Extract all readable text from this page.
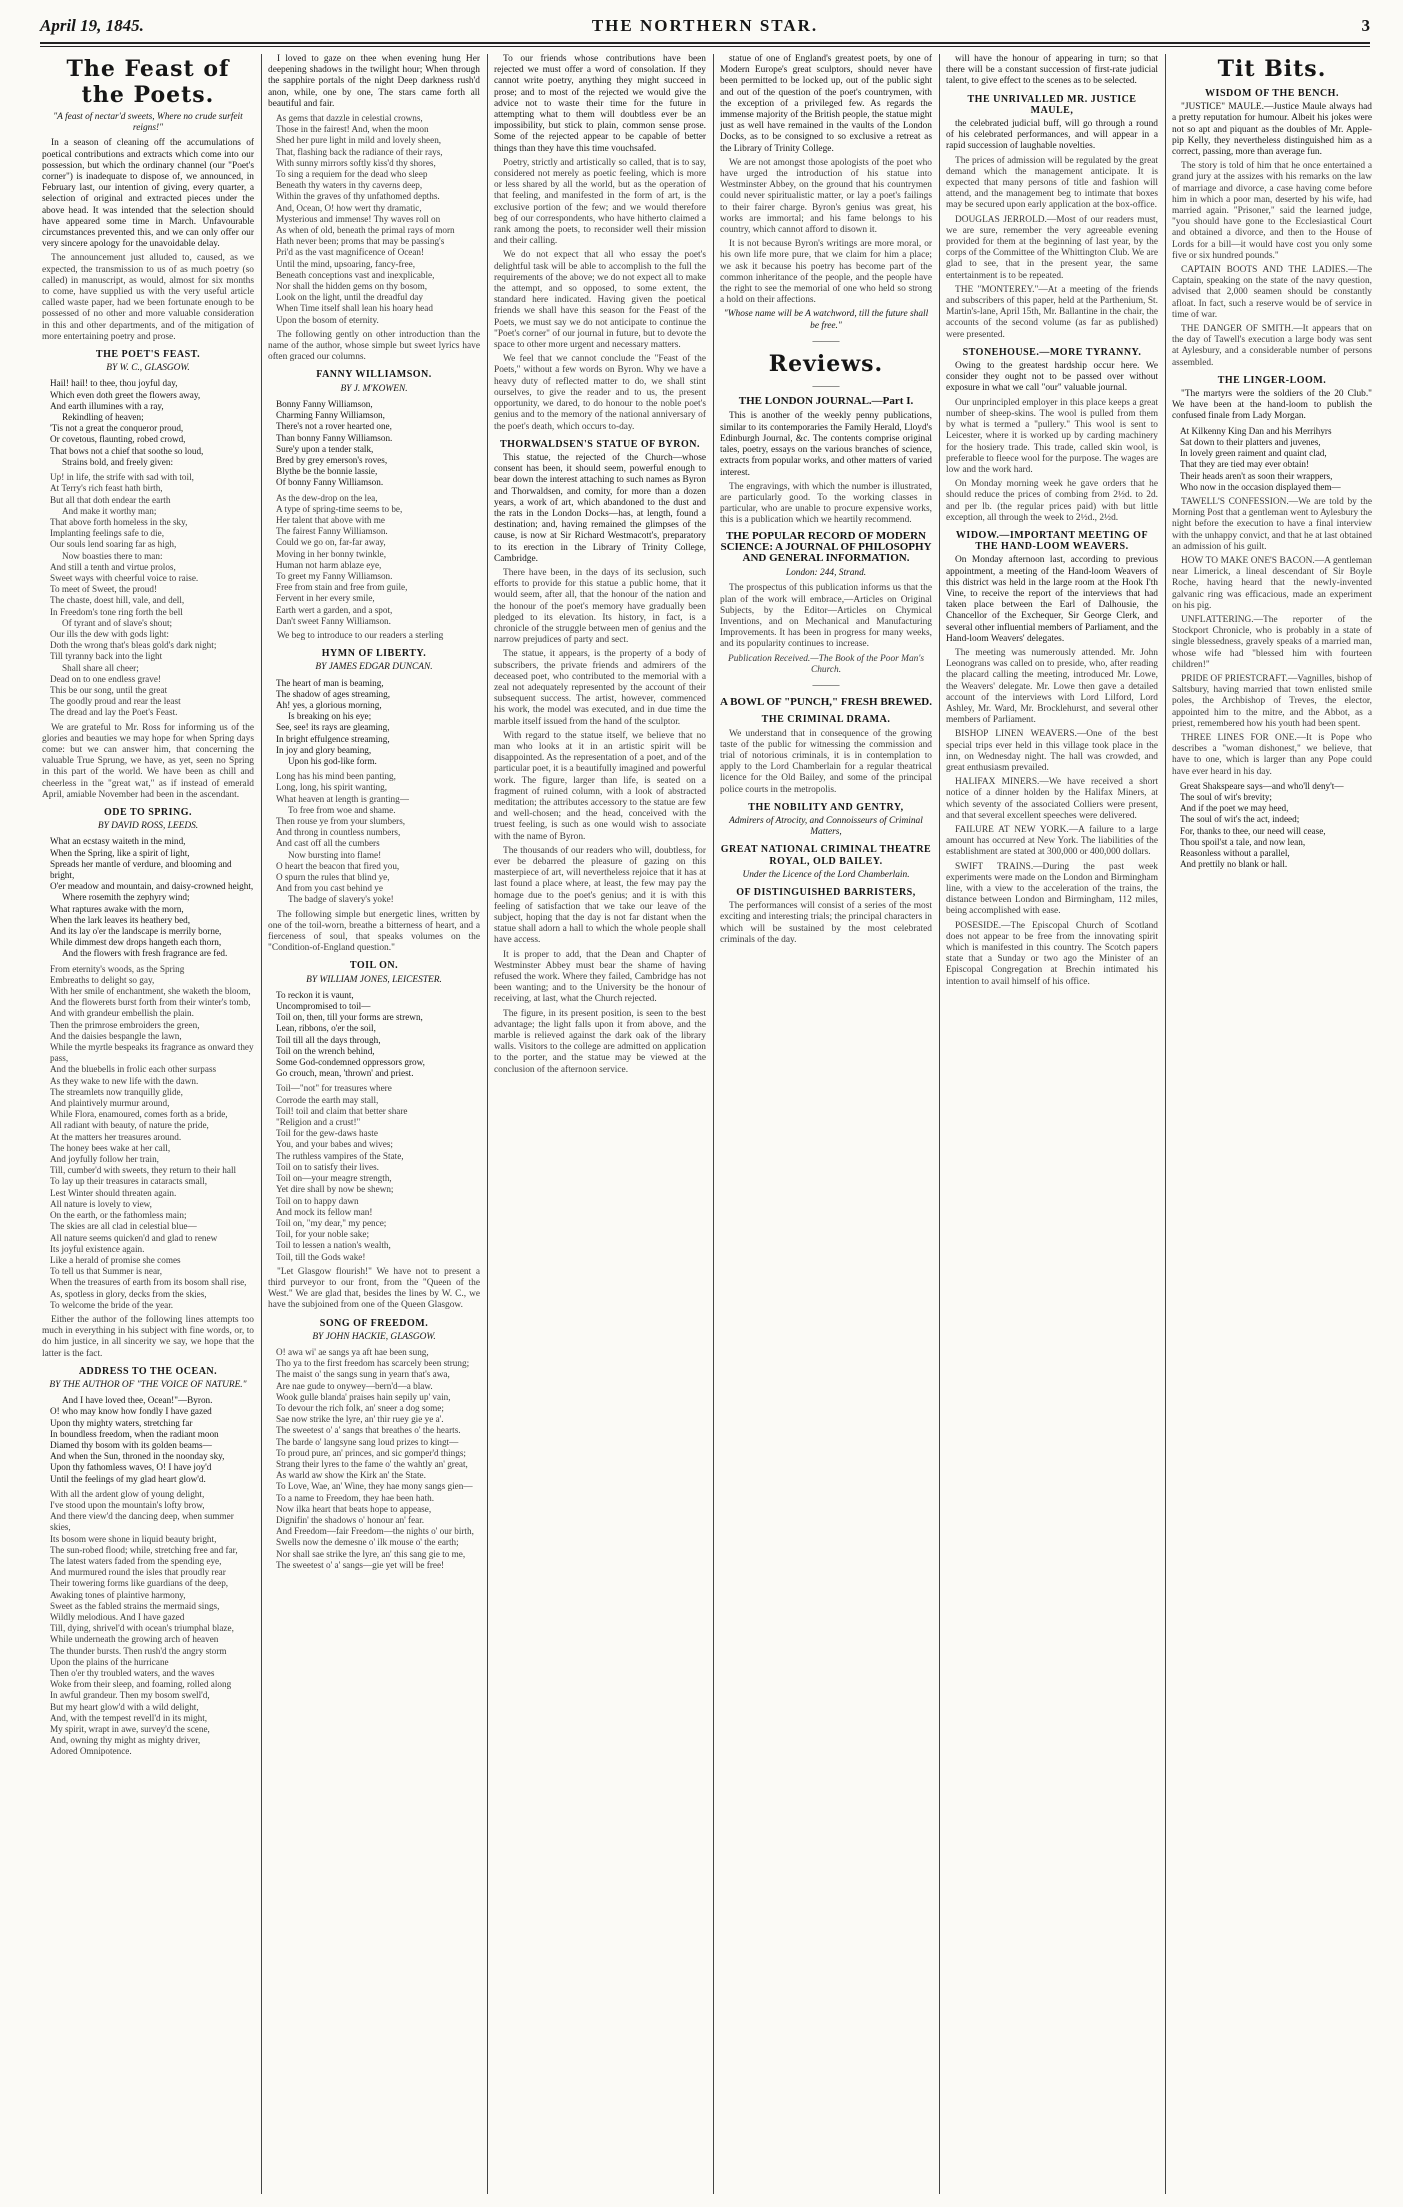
April 19, 1845.	THE NORTHERN STAR.	3
The Feast of the Poets.
"A feast of nectar'd sweets, Where no crude surfeit reigns!"

In a season of cleaning off the accumulations of poetical contributions and extracts which come into our possession, but which the ordinary channel (our "Poet's corner") is inadequate to dispose of, we announced, in February last, our intention of giving, every quarter, a selection of original and extracted pieces under the above head. It was intended that the selection should have appeared some time in March. Unfavourable circumstances prevented this, and we can only offer our very sincere apology for the unavoidable delay.

The announcement just alluded to, caused, as we expected, the transmission to us of as much poetry (so called) in manuscript, as would, almost for six months to come, have supplied us with the very useful article called waste paper, had we been fortunate enough to be possessed of no other and more valuable consideration in this and other departments, and of the mitigation of more entertaining poetry and prose.

THE POET'S FEAST.
BY W. C., GLASGOW.
Hail! hail! to thee, thou joyful day,
Which even doth greet the flowers away,
And earth illumines with a ray,
Rekindling of heaven;
'Tis not a great the conqueror proud,
Or covetous, flaunting, robed crowd,
That bows not a chief that soothe so loud,
Strains bold, and freely given:
Up! in life, the strife with sad with toil,
At Terry's rich feast hath birth,
But all that doth endear the earth
And make it worthy man;
That above forth homeless in the sky,
Implanting feelings safe to die,
Our souls lend soaring far as high,
Now boasties there to man:
And still a tenth and virtue prolos,
Sweet ways with cheerful voice to raise.
To meet of Sweet, the proud!
The chaste, doest hill, vale, and dell,
In Freedom's tone ring forth the bell
Of tyrant and of slave's shout;
Our ills the dew with gods light:
Doth the wrong that's bleas gold's dark night;
Till tyranny back into the light
Shall share all cheer;
Dead on to one endless grave!
This be our song, until the great
The goodly proud and rear the least
The dread and lay the Poet's Feast.

We are grateful to Mr. Ross for informing us of the glories and beauties we may hope for when Spring days come: but we can answer him, that concerning the valuable True Sprung, we have, as yet, seen no Spring in this part of the world. We have been as chill and cheerless in the "great wat," as if instead of emerald April, amiable November had been in the ascendant.

ODE TO SPRING.
BY DAVID ROSS, LEEDS.
What an ecstasy waiteth in the mind,
When the Spring, like a spirit of light,
Spreads her mantle of verdure, and blooming and bright,
O'er meadow and mountain, and daisy-crowned height,
Where rosemith the zephyry wind;
What raptures awake with the morn,
When the lark leaves its heathery bed,
And its lay o'er the landscape is merrily borne,
While dimmest dew drops hangeth each thorn,
And the flowers with fresh fragrance are fed.
From eternity's woods, as the Spring
Embreaths to delight so gay,
With her smile of enchantment, she waketh the bloom,
And the flowerets burst forth from their winter's tomb,
And with grandeur embellish the plain.
Then the primrose embroiders the green,
And the daisies bespangle the lawn,
While the myrtle bespeaks its fragrance as onward they pass,
And the bluebells in frolic each other surpass
As they wake to new life with the dawn.
The streamlets now tranquilly glide,
And plaintively murmur around,
While Flora, enamoured, comes forth as a bride,
All radiant with beauty, of nature the pride,
At the matters her treasures around.
The honey bees wake at her call,
And joyfully follow her train,
Till, cumber'd with sweets, they return to their hall
To lay up their treasures in cataracts small,
Lest Winter should threaten again.
All nature is lovely to view,
On the earth, or the fathomless main;
The skies are all clad in celestial blue—
All nature seems quicken'd and glad to renew
Its joyful existence again.
Like a herald of promise she comes
To tell us that Summer is near,
When the treasures of earth from its bosom shall rise,
As, spotless in glory, decks from the skies,
To welcome the bride of the year.

Either the author of the following lines attempts too much in everything in his subject with fine words, or, to do him justice, in all sincerity we say, we hope that the latter is the fact.

ADDRESS TO THE OCEAN.
BY THE AUTHOR OF "THE VOICE OF NATURE."
And I have loved thee, Ocean!"—Byron.
O! who may know how fondly I have gazed
Upon thy mighty waters, stretching far
In boundless freedom, when the radiant moon
Diamed thy bosom with its golden beams—
And when the Sun, throned in the noonday sky,
Upon thy fathomless waves, O! I have joy'd
Until the feelings of my glad heart glow'd.
With all the ardent glow of young delight,
I've stood upon the mountain's lofty brow,
And there view'd the dancing deep, when summer skies,
Its bosom were shone in liquid beauty bright,
The sun-robed flood; while, stretching free and far,
The latest waters faded from the spending eye,
And murmured round the isles that proudly rear
Their towering forms like guardians of the deep,
Awaking tones of plaintive harmony,
Sweet as the fabled strains the mermaid sings,
Wildly melodious. And I have gazed
Till, dying, shrivel'd with ocean's triumphal blaze,
While underneath the growing arch of heaven
The thunder bursts. Then rush'd the angry storm
Upon the plains of the hurricane
Then o'er thy troubled waters, and the waves
Woke from their sleep, and foaming, rolled along
In awful grandeur. Then my bosom swell'd,
But my heart glow'd with a wild delight,
And, with the tempest revell'd in its might,
My spirit, wrapt in awe, survey'd the scene,
And, owning thy might as mighty driver,
Adored Omnipotence.

I loved to gaze on thee when evening hung Her deepening shadows in the twilight hour; When through the sapphire portals of the night Deep darkness rush'd anon, while, one by one, The stars came forth all beautiful and fair.

As gems that dazzle in celestial crowns,
Those in the fairest! And, when the moon
Shed her pure light in mild and lovely sheen,
That, flashing back the radiance of their rays,
With sunny mirrors softly kiss'd thy shores,
To sing a requiem for the dead who sleep
Beneath thy waters in thy caverns deep,
Within the graves of thy unfathomed depths.
And, Ocean, O! how wert thy dramatic,
Mysterious and immense! Thy waves roll on
As when of old, beneath the primal rays of morn
Hath never been; proms that may be passing's
Pri'd as the vast magnificence of Ocean!
Until the mind, upsoaring, fancy-free,
Beneath conceptions vast and inexplicable,
Nor shall the hidden gems on thy bosom,
Look on the light, until the dreadful day
When Time itself shall lean his hoary head
Upon the bosom of eternity.

The following gently on other introduction than the name of the author, whose simple but sweet lyrics have often graced our columns.

FANNY WILLIAMSON.
BY J. M'KOWEN.
Bonny Fanny Williamson,
Charming Fanny Williamson,
There's not a rover hearted one,
Than bonny Fanny Williamson.
Sure'y upon a tender stalk,
Bred by grey emerson's roves,
Blythe be the bonnie lassie,
Of bonny Fanny Williamson.
As the dew-drop on the lea,
A type of spring-time seems to be,
Her talent that above with me
The fairest Fanny Williamson.
Could we go on, far-far away,
Moving in her bonny twinkle,
Human not harm ablaze eye,
To greet my Fanny Williamson.
Free from stain and free from guile,
Fervent in her every smile,
Earth wert a garden, and a spot,
Dan't sweet Fanny Williamson.

We beg to introduce to our readers a sterling

HYMN OF LIBERTY.
BY JAMES EDGAR DUNCAN.
The heart of man is beaming,
The shadow of ages streaming,
Ah! yes, a glorious morning,
Is breaking on his eye;
See, see! its rays are gleaming,
In bright effulgence streaming,
In joy and glory beaming,
Upon his god-like form.
Long has his mind been panting,
Long, long, his spirit wanting,
What heaven at length is granting—
To free from woe and shame.
Then rouse ye from your slumbers,
And throng in countless numbers,
And cast off all the cumbers
Now bursting into flame!
O heart the beacon that fired you,
O spurn the rules that blind ye,
And from you cast behind ye
The badge of slavery's yoke!

The following simple but energetic lines, written by one of the toil-worn, breathe a bitterness of heart, and a fierceness of soul, that speaks volumes on the "Condition-of-England question."

TOIL ON.
BY WILLIAM JONES, LEICESTER.
To reckon it is vaunt,
Uncompromised to toil—
Toil on, then, till your forms are strewn,
Lean, ribbons, o'er the soil,
Toil till all the days through,
Toil on the wrench behind,
Some God-condemned oppressors grow,
Go crouch, mean, 'thrown' and priest.
Toil—"not" for treasures where
Corrode the earth may stall,
Toil! toil and claim that better share
"Religion and a crust!"
Toil for the gew-daws haste
You, and your babes and wives;
The ruthless vampires of the State,
Toil on to satisfy their lives.
Toil on—your meagre strength,
Yet dire shall by now be shewn;
Toil on to happy dawn
And mock its fellow man!
Toil on, "my dear," my pence;
Toil, for your noble sake;
Toil to lessen a nation's wealth,
Toil, till the Gods wake!

"Let Glasgow flourish!" We have not to present a third purveyor to our front, from the "Queen of the West." We are glad that, besides the lines by W. C., we have the subjoined from one of the Queen Glasgow.

SONG OF FREEDOM.
BY JOHN HACKIE, GLASGOW.
O! awa wi' ae sangs ya aft hae been sung,
Tho ya to the first freedom has scarcely been strung;
The maist o' the sangs sung in yearn that's awa,
Are nae gude to onywey—bern'd—a blaw.
Wook gulle blanda' praises hain sepily up' vain,
To devour the rich folk, an' sneer a dog some;
Sae now strike the lyre, an' thir ruey gie ye a'.
The sweetest o' a' sangs that breathes o' the hearts.
The barde o' langsyne sang loud prizes to kingt—
To proud pure, an' princes, and sic gomper'd things;
Strang their lyres to the fame o' the wahtly an' great,
As warld aw show the Kirk an' the State.
To Love, Wae, an' Wine, they hae mony sangs gien—
To a name to Freedom, they hae been hath.
Now ilka heart that beats hope to appease,
Dignifin' the shadows o' honour an' fear.
And Freedom—fair Freedom—the nights o' our birth,
Swells now the demesne o' ilk mouse o' the earth;
Nor shall sae strike the lyre, an' this sang gie to me,
The sweetest o' a' sangs—gie yet will be free!

To our friends whose contributions have been rejected we must offer a word of consolation. If they cannot write poetry, anything they might succeed in prose; and to most of the rejected we would give the advice not to waste their time for the future in attempting what to them will doubtless ever be an impossibility, but stick to plain, common sense prose. Some of the rejected appear to be capable of better things than they have this time vouchsafed.

Poetry, strictly and artistically so called, that is to say, considered not merely as poetic feeling, which is more or less shared by all the world, but as the operation of that feeling, and manifested in the form of art, is the exclusive portion of the few; and we would therefore beg of our correspondents, who have hitherto claimed a rank among the poets, to reconsider well their mission and their calling.

We do not expect that all who essay the poet's delightful task will be able to accomplish to the full the requirements of the above; we do not expect all to make the attempt, and so opposed, to some extent, the standard here indicated. Having given the poetical friends we shall have this season for the Feast of the Poets, we must say we do not anticipate to continue the "Poet's corner" of our journal in future, but to devote the space to other more urgent and necessary matters.

We feel that we cannot conclude the "Feast of the Poets," without a few words on Byron. Why we have a heavy duty of reflected matter to do, we shall stint ourselves, to give the reader and to us, the present opportunity, we dared, to do honour to the noble poet's genius and to the memory of the national anniversary of the poet's death, which occurs to-day.

THORWALDSEN'S STATUE OF BYRON.

This statue, the rejected of the Church—whose consent has been, it should seem, powerful enough to bear down the interest attaching to such names as Byron and Thorwaldsen, and comity, for more than a dozen years, a work of art, which abandoned to the dust and the rats in the London Docks—has, at length, found a destination; and, having remained the glimpses of the cause, is now at Sir Richard Westmacott's, preparatory to its erection in the Library of Trinity College, Cambridge.

There have been, in the days of its seclusion, such efforts to provide for this statue a public home, that it would seem, after all, that the honour of the nation and the honour of the poet's memory have gradually been pledged to its elevation. Its history, in fact, is a chronicle of the struggle between men of genius and the narrow prejudices of party and sect.

The statue, it appears, is the property of a body of subscribers, the private friends and admirers of the deceased poet, who contributed to the memorial with a zeal not adequately represented by the account of their subsequent success. The artist, however, commenced his work, the model was executed, and in due time the marble itself issued from the hand of the sculptor.

With regard to the statue itself, we believe that no man who looks at it in an artistic spirit will be disappointed. As the representation of a poet, and of the particular poet, it is a beautifully imagined and powerful work. The figure, larger than life, is seated on a fragment of ruined column, with a look of abstracted meditation; the attributes accessory to the statue are few and well-chosen; and the head, conceived with the truest feeling, is such as one would wish to associate with the name of Byron.

The thousands of our readers who will, doubtless, for ever be debarred the pleasure of gazing on this masterpiece of art, will nevertheless rejoice that it has at last found a place where, at least, the few may pay the homage due to the poet's genius; and it is with this feeling of satisfaction that we take our leave of the subject, hoping that the day is not far distant when the statue shall adorn a hall to which the whole people shall have access.

It is proper to add, that the Dean and Chapter of Westminster Abbey must bear the shame of having refused the work. Where they failed, Cambridge has not been wanting; and to the University be the honour of receiving, at last, what the Church rejected.

The figure, in its present position, is seen to the best advantage; the light falls upon it from above, and the marble is relieved against the dark oak of the library walls. Visitors to the college are admitted on application to the porter, and the statue may be viewed at the conclusion of the afternoon service.

statue of one of England's greatest poets, by one of Modern Europe's great sculptors, should never have been permitted to be locked up, out of the public sight and out of the question of the poet's countrymen, with the exception of a privileged few. As regards the immense majority of the British people, the statue might just as well have remained in the vaults of the London Docks, as to be consigned to so exclusive a retreat as the Library of Trinity College.

We are not amongst those apologists of the poet who have urged the introduction of his statue into Westminster Abbey, on the ground that his countrymen could never spiritualistic matter, or lay a poet's failings to their fairer charge. Byron's genius was great, his works are immortal; and his fame belongs to his country, which cannot afford to disown it.

It is not because Byron's writings are more moral, or his own life more pure, that we claim for him a place; we ask it because his poetry has become part of the common inheritance of the people, and the people have the right to see the memorial of one who held so strong a hold on their affections.

"Whose name will be A watchword, till the future shall be free."
———
Reviews.
———
THE LONDON JOURNAL.—Part I.

This is another of the weekly penny publications, similar to its contemporaries the Family Herald, Lloyd's Edinburgh Journal, &c. The contents comprise original tales, poetry, essays on the various branches of science, extracts from popular works, and other matters of varied interest.

The engravings, with which the number is illustrated, are particularly good. To the working classes in particular, who are unable to procure expensive works, this is a publication which we heartily recommend.

THE POPULAR RECORD OF MODERN SCIENCE: A JOURNAL OF PHILOSOPHY AND GENERAL INFORMATION.
London: 244, Strand.

The prospectus of this publication informs us that the plan of the work will embrace,—Articles on Original Subjects, by the Editor—Articles on Chymical Inventions, and on Mechanical and Manufacturing Improvements. It has been in progress for many weeks, and its popularity continues to increase.

Publication Received.—The Book of the Poor Man's Church.

———
A BOWL OF "PUNCH," FRESH BREWED.
THE CRIMINAL DRAMA.

We understand that in consequence of the growing taste of the public for witnessing the commission and trial of notorious criminals, it is in contemplation to apply to the Lord Chamberlain for a regular theatrical licence for the Old Bailey, and some of the principal police courts in the metropolis.

THE NOBILITY AND GENTRY,
Admirers of Atrocity, and Connoisseurs of Criminal Matters,
GREAT NATIONAL CRIMINAL THEATRE ROYAL, OLD BAILEY.
Under the Licence of the Lord Chamberlain.
OF DISTINGUISHED BARRISTERS,

The performances will consist of a series of the most exciting and interesting trials; the principal characters in which will be sustained by the most celebrated criminals of the day.

will have the honour of appearing in turn; so that there will be a constant succession of first-rate judicial talent, to give effect to the scenes as to be selected.

THE UNRIVALLED MR. JUSTICE MAULE,

the celebrated judicial buff, will go through a round of his celebrated performances, and will appear in a rapid succession of laughable novelties.

The prices of admission will be regulated by the great demand which the management anticipate. It is expected that many persons of title and fashion will attend, and the management beg to intimate that boxes may be secured upon early application at the box-office.

DOUGLAS JERROLD.—Most of our readers must, we are sure, remember the very agreeable evening provided for them at the beginning of last year, by the corps of the Committee of the Whittington Club. We are glad to see, that in the present year, the same entertainment is to be repeated.

THE "MONTEREY."—At a meeting of the friends and subscribers of this paper, held at the Parthenium, St. Martin's-lane, April 15th, Mr. Ballantine in the chair, the accounts of the second volume (as far as published) were presented.

STONEHOUSE.—MORE TYRANNY.

Owing to the greatest hardship occur here. We consider they ought not to be passed over without exposure in what we call "our" valuable journal.

Our unprincipled employer in this place keeps a great number of sheep-skins. The wool is pulled from them by what is termed a "pullery." This wool is sent to Leicester, where it is worked up by carding machinery for the hosiery trade. This trade, called skin wool, is preferable to fleece wool for the purpose. The wages are low and the work hard.

On Monday morning week he gave orders that he should reduce the prices of combing from 2½d. to 2d. and per lb. (the regular prices paid) with but little exception, all through the week to 2½d., 2½d.

WIDOW.—IMPORTANT MEETING OF THE HAND-LOOM WEAVERS.

On Monday afternoon last, according to previous appointment, a meeting of the Hand-loom Weavers of this district was held in the large room at the Hook I'th Vine, to receive the report of the interviews that had taken place between the Earl of Dalhousie, the Chancellor of the Exchequer, Sir George Clerk, and several other influential members of Parliament, and the Hand-loom Weavers' delegates.

The meeting was numerously attended. Mr. John Leonograns was called on to preside, who, after reading the placard calling the meeting, introduced Mr. Lowe, the Weavers' delegate. Mr. Lowe then gave a detailed account of the interviews with Lord Lilford, Lord Ashley, Mr. Ward, Mr. Brocklehurst, and several other members of Parliament.

BISHOP LINEN WEAVERS.—One of the best special trips ever held in this village took place in the inn, on Wednesday night. The hall was crowded, and great enthusiasm prevailed.

HALIFAX MINERS.—We have received a short notice of a dinner holden by the Halifax Miners, at which seventy of the associated Colliers were present, and that several excellent speeches were delivered.

FAILURE AT NEW YORK.—A failure to a large amount has occurred at New York. The liabilities of the establishment are stated at 300,000 or 400,000 dollars.

SWIFT TRAINS.—During the past week experiments were made on the London and Birmingham line, with a view to the acceleration of the trains, the distance between London and Birmingham, 112 miles, being accomplished with ease.

POSESIDE.—The Episcopal Church of Scotland does not appear to be free from the innovating spirit which is manifested in this country. The Scotch papers state that a Sunday or two ago the Minister of an Episcopal Congregation at Brechin intimated his intention to avail himself of his office.

Tit Bits.
WISDOM OF THE BENCH.

"JUSTICE" MAULE.—Justice Maule always had a pretty reputation for humour. Albeit his jokes were not so apt and piquant as the doubles of Mr. Apple-pip Kelly, they nevertheless distinguished him as a correct, passing, more than average fun.

The story is told of him that he once entertained a grand jury at the assizes with his remarks on the law of marriage and divorce, a case having come before him in which a poor man, deserted by his wife, had married again. "Prisoner," said the learned judge, "you should have gone to the Ecclesiastical Court and obtained a divorce, and then to the House of Lords for a bill—it would have cost you only some five or six hundred pounds."

CAPTAIN BOOTS AND THE LADIES.—The Captain, speaking on the state of the navy question, advised that 2,000 seamen should be constantly afloat. In fact, such a reserve would be of service in time of war.

THE DANGER OF SMITH.—It appears that on the day of Tawell's execution a large body was sent at Aylesbury, and a considerable number of persons assembled.

THE LINGER-LOOM.

"The martyrs were the soldiers of the 20 Club." We have been at the hand-loom to publish the confused finale from Lady Morgan.

At Kilkenny King Dan and his Merrihyrs
Sat down to their platters and juvenes,
In lovely green raiment and quaint clad,
That they are tied may ever obtain!
Their heads aren't as soon their wrappers,
Who now in the occasion displayed them—

TAWELL'S CONFESSION.—We are told by the Morning Post that a gentleman went to Aylesbury the night before the execution to have a final interview with the unhappy convict, and that he at last obtained an admission of his guilt.

HOW TO MAKE ONE'S BACON.—A gentleman near Limerick, a lineal descendant of Sir Boyle Roche, having heard that the newly-invented galvanic ring was efficacious, made an experiment on his pig.

UNFLATTERING.—The reporter of the Stockport Chronicle, who is probably in a state of single blessedness, gravely speaks of a married man, whose wife had "blessed him with fourteen children!"

PRIDE OF PRIESTCRAFT.—Vagnilles, bishop of Saltsbury, having married that town enlisted smile poles, the Archbishop of Treves, the elector, appointed him to the mitre, and the Abbot, as a priest, remembered how his youth had been spent.

THREE LINES FOR ONE.—It is Pope who describes a "woman dishonest," we believe, that have to one, which is larger than any Pope could have ever heard in his day.

Great Shakspeare says—and who'll deny't—
The soul of wit's brevity;
And if the poet we may heed,
The soul of wit's the act, indeed;
For, thanks to thee, our need will cease,
Thou spoil'st a tale, and now lean,
Reasonless without a parallel,
And prettily no blank or hall.
